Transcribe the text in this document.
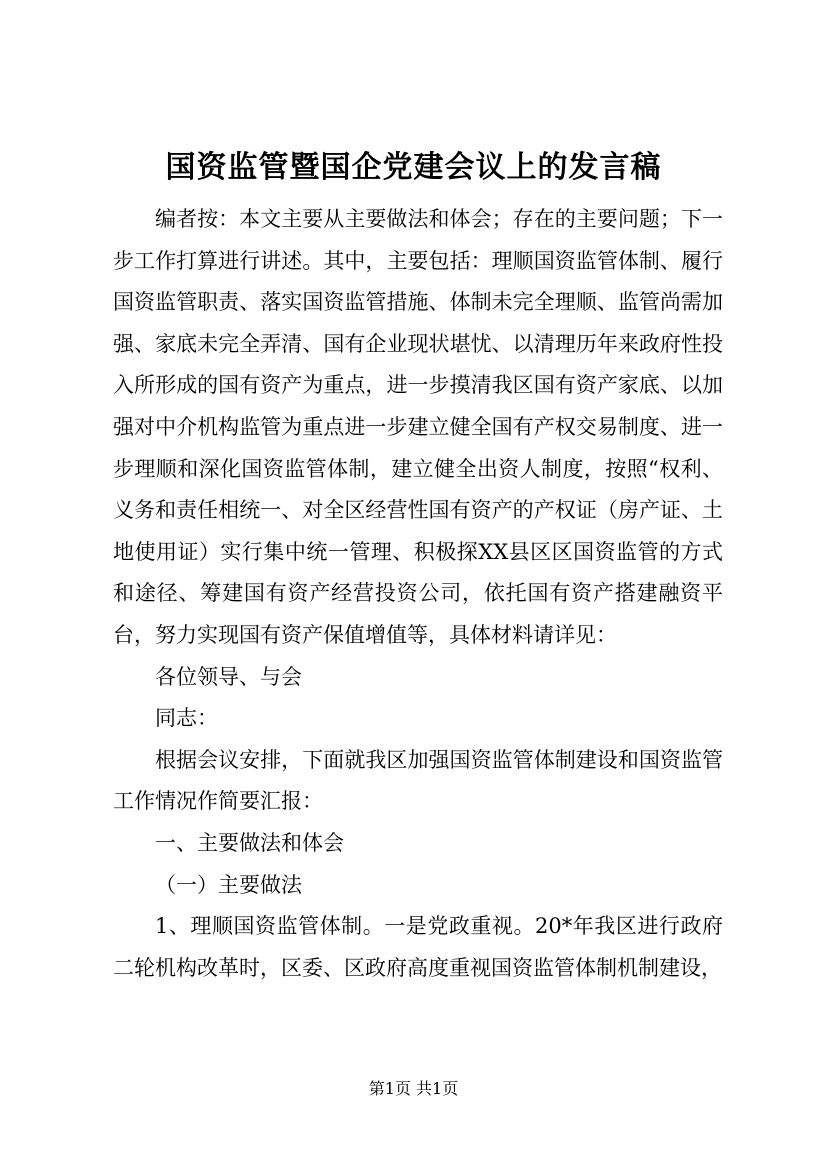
国资监管暨国企党建会议上的发言稿

编者按：本文主要从主要做法和体会；存在的主要问题；下一步工作打算进行讲述。其中，主要包括：理顺国资监管体制、履行国资监管职责、落实国资监管措施、体制未完全理顺、监管尚需加强、家底未完全弄清、国有企业现状堪忧、以清理历年来政府性投入所形成的国有资产为重点，进一步摸清我区国有资产家底、以加强对中介机构监管为重点进一步建立健全国有产权交易制度、进一步理顺和深化国资监管体制，建立健全出资人制度，按照“权利、义务和责任相统一、对全区经营性国有资产的产权证（房产证、土地使用证）实行集中统一管理、积极探XX县区区国资监管的方式和途径、筹建国有资产经营投资公司，依托国有资产搭建融资平台，努力实现国有资产保值增值等，具体材料请详见：

各位领导、与会

同志：

根据会议安排，下面就我区加强国资监管体制建设和国资监管工作情况作简要汇报：

一、主要做法和体会

（一）主要做法

1、理顺国资监管体制。一是党政重视。20*年我区进行政府二轮机构改革时，区委、区政府高度重视国资监管体制机制建设，

第1页 共1页
